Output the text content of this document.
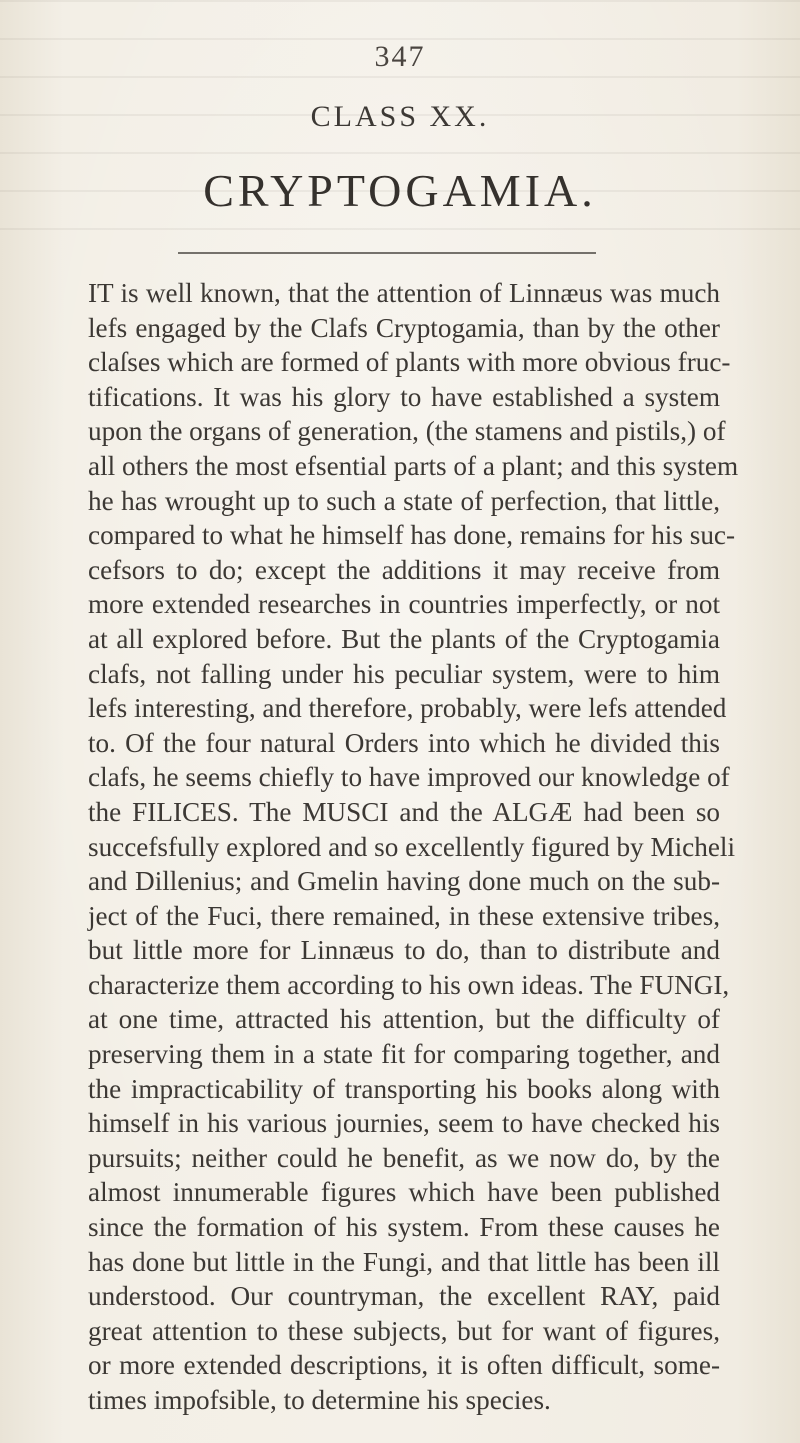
347
CLASS XX.
CRYPTOGAMIA.
IT is well known, that the attention of Linnæus was much
lefs engaged by the Clafs Cryptogamia, than by the other
claſses which are formed of plants with more obvious fruc-
tifications. It was his glory to have established a system
upon the organs of generation, (the stamens and pistils,) of
all others the most efsential parts of a plant; and this system
he has wrought up to such a state of perfection, that little,
compared to what he himself has done, remains for his suc-
cefsors to do; except the additions it may receive from
more extended researches in countries imperfectly, or not
at all explored before. But the plants of the Cryptogamia
clafs, not falling under his peculiar system, were to him
lefs interesting, and therefore, probably, were lefs attended
to. Of the four natural Orders into which he divided this
clafs, he seems chiefly to have improved our knowledge of
the FILICES. The MUSCI and the ALGÆ had been so
succefsfully explored and so excellently figured by Micheli
and Dillenius; and Gmelin having done much on the sub-
ject of the Fuci, there remained, in these extensive tribes,
but little more for Linnæus to do, than to distribute and
characterize them according to his own ideas. The FUNGI,
at one time, attracted his attention, but the difficulty of
preserving them in a state fit for comparing together, and
the impracticability of transporting his books along with
himself in his various journies, seem to have checked his
pursuits; neither could he benefit, as we now do, by the
almost innumerable figures which have been published
since the formation of his system. From these causes he
has done but little in the Fungi, and that little has been ill
understood. Our countryman, the excellent RAY, paid
great attention to these subjects, but for want of figures,
or more extended descriptions, it is often difficult, some-
times impofsible, to determine his species.
